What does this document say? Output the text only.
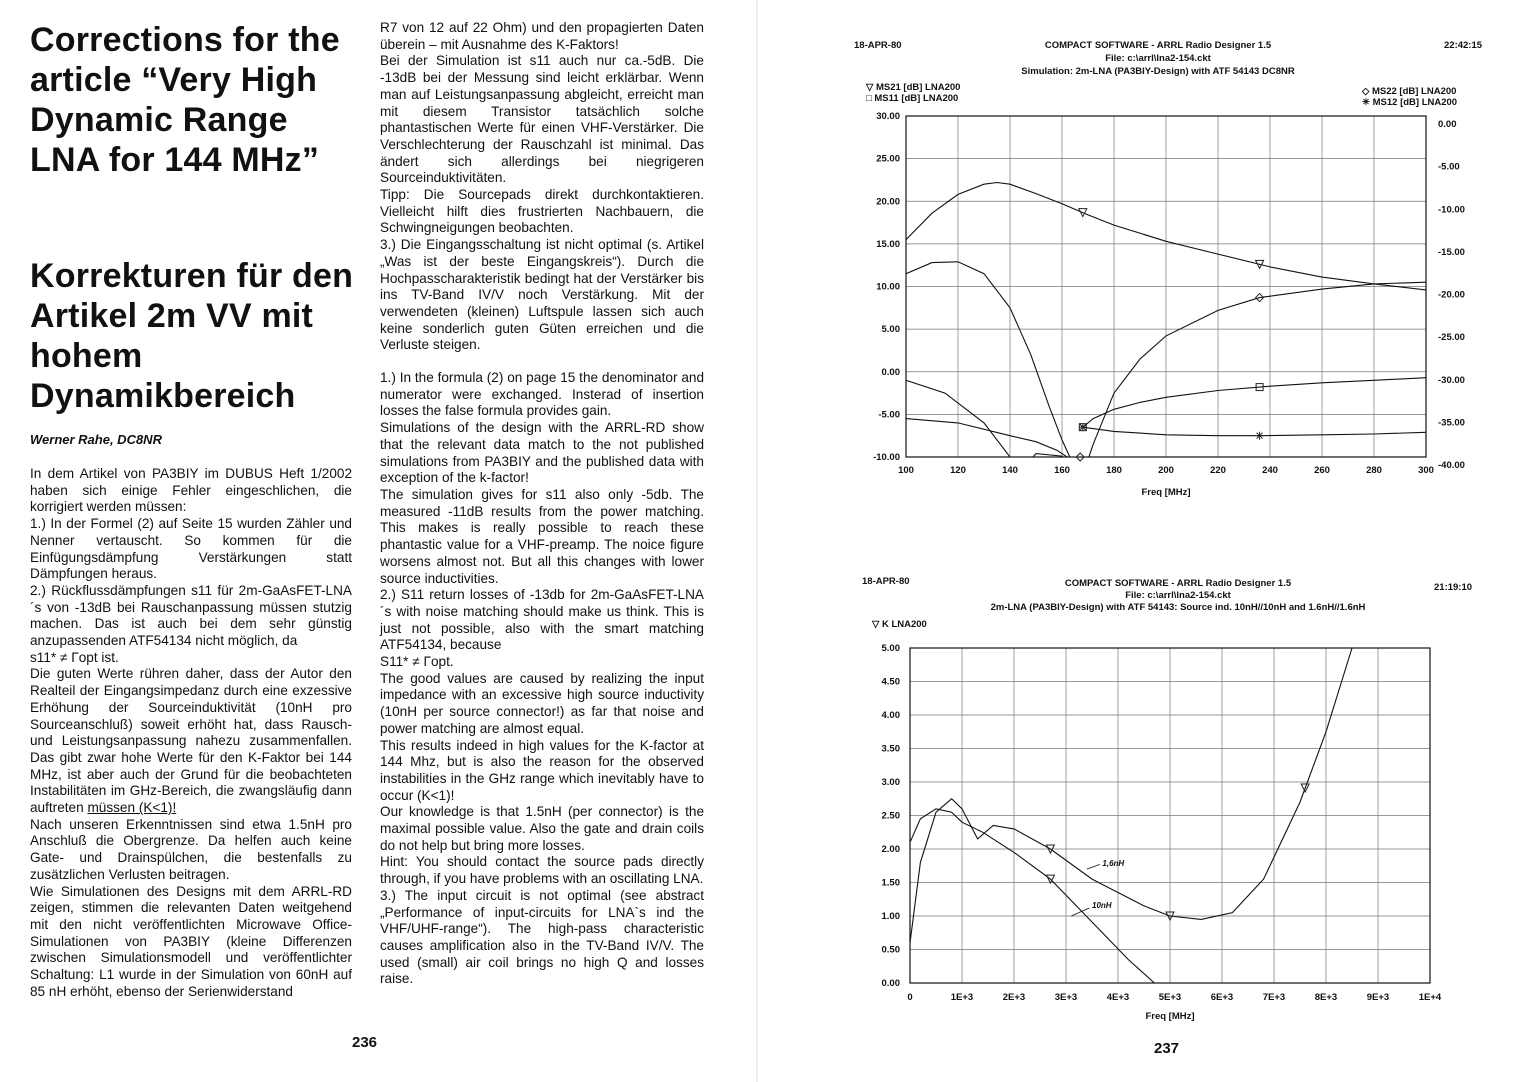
Corrections for the article “Very High Dynamic Range LNA for 144 MHz”
Korrekturen für den Artikel 2m VV mit hohem Dynamikbereich
Werner Rahe, DC8NR

In dem Artikel von PA3BIY im DUBUS Heft 1/2002 haben sich einige Fehler eingeschlichen, die korrigiert werden müssen:

1.) In der Formel (2) auf Seite 15 wurden Zähler und Nenner vertauscht. So kommen für die Einfügungsdämpfung Verstärkungen statt Dämpfungen heraus.

2.) Rückflussdämpfungen s11 für 2m-GaAsFET-LNA´s von -13dB bei Rauschanpassung müssen stutzig machen. Das ist auch bei dem sehr günstig anzupassenden ATF54134 nicht möglich, da

s11* ≠ Γopt ist.

Die guten Werte rühren daher, dass der Autor den Realteil der Eingangsimpedanz durch eine exzessive Erhöhung der Sourceinduktivität (10nH pro Sourceanschluß) soweit erhöht hat, dass Rausch- und Leistungsanpassung nahezu zusammenfallen. Das gibt zwar hohe Werte für den K-Faktor bei 144 MHz, ist aber auch der Grund für die beobachteten Instabilitäten im GHz-Bereich, die zwangsläufig dann auftreten müssen (K<1)!

Nach unseren Erkenntnissen sind etwa 1.5nH pro Anschluß die Obergrenze. Da helfen auch keine Gate- und Drainspülchen, die bestenfalls zu zusätzlichen Verlusten beitragen.

Wie Simulationen des Designs mit dem ARRL-RD zeigen, stimmen die relevanten Daten weitgehend mit den nicht veröffentlichten Microwave Office-Simulationen von PA3BIY (kleine Differenzen zwischen Simulationsmodell und veröffentlichter Schaltung: L1 wurde in der Simulation von 60nH auf 85 nH erhöht, ebenso der Serienwiderstand

R7 von 12 auf 22 Ohm) und den propagierten Daten überein – mit Ausnahme des K-Faktors!

Bei der Simulation ist s11 auch nur ca.-5dB. Die -13dB bei der Messung sind leicht erklärbar. Wenn man auf Leistungsanpassung abgleicht, erreicht man mit diesem Transistor tatsächlich solche phantastischen Werte für einen VHF-Verstärker. Die Verschlechterung der Rauschzahl ist minimal. Das ändert sich allerdings bei niegrigeren Sourceinduktivitäten.

Tipp: Die Sourcepads direkt durchkontaktieren. Vielleicht hilft dies frustrierten Nachbauern, die Schwingneigungen beobachten.

3.) Die Eingangsschaltung ist nicht optimal (s. Artikel „Was ist der beste Eingangskreis“). Durch die Hochpasscharakteristik bedingt hat der Verstärker bis ins TV-Band IV/V noch Verstärkung. Mit der verwendeten (kleinen) Luftspule lassen sich auch keine sonderlich guten Güten erreichen und die Verluste steigen.

1.) In the formula (2) on page 15 the denominator and numerator were exchanged. Insterad of insertion losses the false formula provides gain.

Simulations of the design with the ARRL-RD show that the relevant data match to the not published simulations from PA3BIY and the published data with exception of the k-factor!

The simulation gives for s11 also only -5db. The measured -11dB results from the power matching. This makes is really possible to reach these phantastic value for a VHF-preamp. The noice figure worsens almost not. But all this changes with lower source inductivities.

2.) S11 return losses of -13db for 2m-GaAsFET-LNA´s with noise matching should make us think. This is just not possible, also with the smart matching ATF54134, because

S11* ≠ Γopt.

The good values are caused by realizing the input impedance with an excessive high source inductivity (10nH per source connector!) as far that noise and power matching are almost equal.

This results indeed in high values for the K-factor at 144 Mhz, but is also the reason for the observed instabilities in the GHz range which inevitably have to occur (K<1)!

Our knowledge is that 1.5nH (per connector) is the maximal possible value. Also the gate and drain coils do not help but bring more losses.

Hint: You should contact the source pads directly through, if you have problems with an oscillating LNA.

3.) The input circuit is not optimal (see abstract „Performance of input-circuits for LNA`s ind the VHF/UHF-range“). The high-pass characteristic causes amplification also in the TV-Band IV/V. The used (small) air coil brings no high Q and losses raise.

236
18-APR-80	COMPACT SOFTWARE - ARRL Radio Designer 1.5
File: c:\arrl\lna2-154.ckt
Simulation: 2m-LNA (PA3BIY-Design) with ATF 54143 DC8NR
22:42:15
▽ MS21 [dB] LNA200
□ MS11 [dB] LNA200
◇ MS22 [dB] LNA200
✳ MS12 [dB] LNA200
100	120	140	160	180	200	220	240	260	280	300
30.00
0.00
25.00
-5.00
20.00
-10.00
15.00
-15.00
10.00
-20.00
5.00
-25.00
0.00
-30.00
-5.00
-35.00
-10.00
-40.00
Freq [MHz]
18-APR-80	COMPACT SOFTWARE - ARRL Radio Designer 1.5
File: c:\arrl\lna2-154.ckt
2m-LNA (PA3BIY-Design) with ATF 54143: Source ind. 10nH//10nH and 1.6nH//1.6nH
21:19:10
▽ K LNA200
0	1E+3	2E+3	3E+3	4E+3	5E+3	6E+3	7E+3	8E+3	9E+3	1E+4
5.00
4.50
4.00
3.50
3.00
2.50
2.00
1.50
1.00
0.50
0.00
1,6nH
10nH
Freq [MHz]
237
